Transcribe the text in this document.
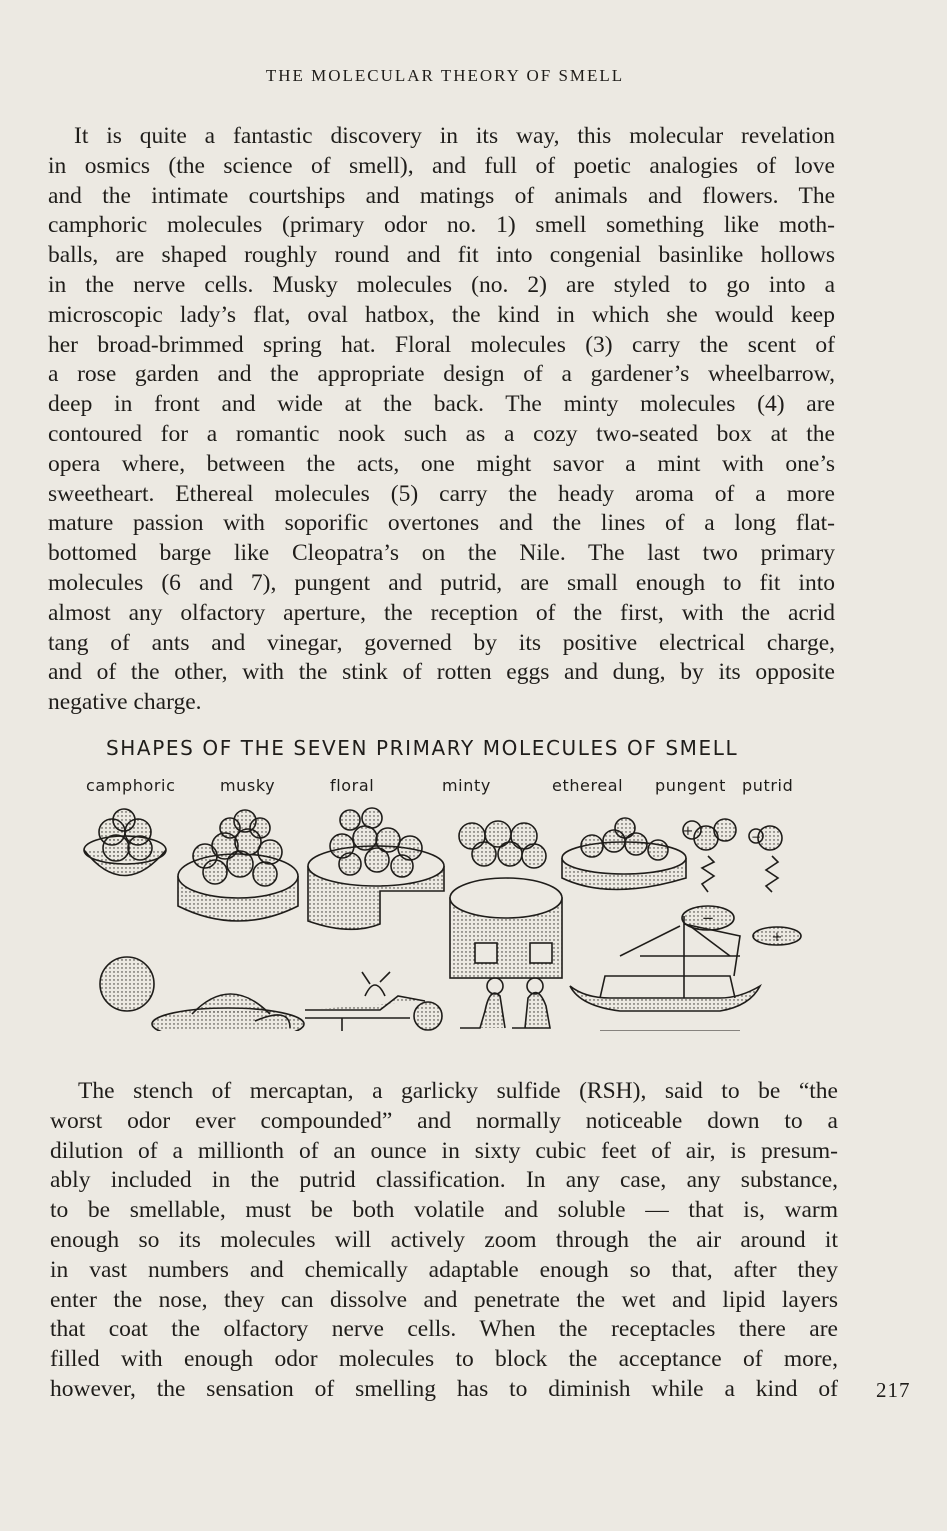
THE MOLECULAR THEORY OF SMELL

It is quite a fantastic discovery in its way, this molecular revelation
in osmics (the science of smell), and full of poetic analogies of love
and the intimate courtships and matings of animals and flowers. The
camphoric molecules (primary odor no. 1) smell something like moth-
balls, are shaped roughly round and fit into congenial basinlike hollows
in the nerve cells. Musky molecules (no. 2) are styled to go into a
microscopic lady’s flat, oval hatbox, the kind in which she would keep
her broad-brimmed spring hat. Floral molecules (3) carry the scent of
a rose garden and the appropriate design of a gardener’s wheelbarrow,
deep in front and wide at the back. The minty molecules (4) are
contoured for a romantic nook such as a cozy two-seated box at the
opera where, between the acts, one might savor a mint with one’s
sweetheart. Ethereal molecules (5) carry the heady aroma of a more
mature passion with soporific overtones and the lines of a long flat-
bottomed barge like Cleopatra’s on the Nile. The last two primary
molecules (6 and 7), pungent and putrid, are small enough to fit into
almost any olfactory aperture, the reception of the first, with the acrid
tang of ants and vinegar, governed by its positive electrical charge,
and of the other, with the stink of rotten eggs and dung, by its opposite
negative charge.

SHAPES OF THE SEVEN PRIMARY MOLECULES OF SMELL
camphoric	musky	floral	minty	ethereal pungent putrid
+
−
−
+

The stench of mercaptan, a garlicky sulfide (RSH), said to be “the
worst odor ever compounded” and normally noticeable down to a
dilution of a millionth of an ounce in sixty cubic feet of air, is presum-
ably included in the putrid classification. In any case, any substance,
to be smellable, must be both volatile and soluble — that is, warm
enough so its molecules will actively zoom through the air around it
in vast numbers and chemically adaptable enough so that, after they
enter the nose, they can dissolve and penetrate the wet and lipid layers
that coat the olfactory nerve cells. When the receptacles there are
filled with enough odor molecules to block the acceptance of more,
however, the sensation of smelling has to diminish while a kind of 217
